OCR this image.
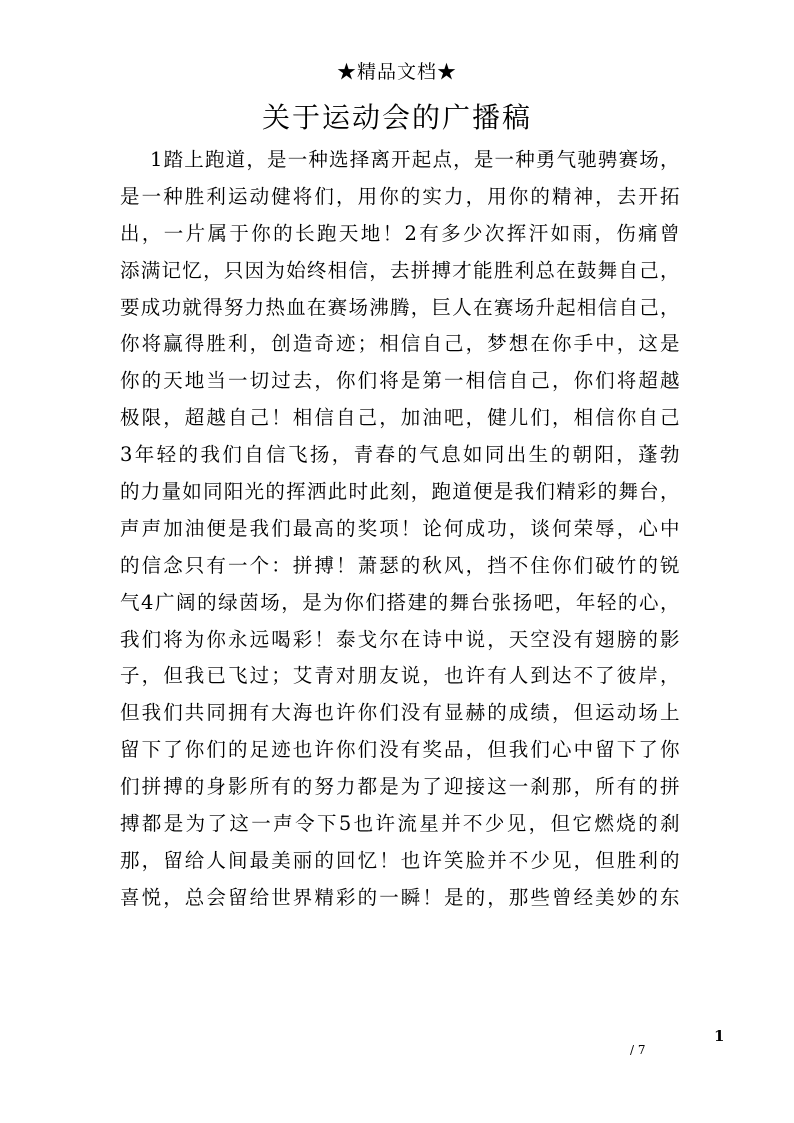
★精品文档★
关于运动会的广播稿
1踏上跑道，是一种选择离开起点，是一种勇气驰骋赛场，
是一种胜利运动健将们，用你的实力，用你的精神，去开拓
出，一片属于你的长跑天地！2有多少次挥汗如雨，伤痛曾
添满记忆，只因为始终相信，去拼搏才能胜利总在鼓舞自己，
要成功就得努力热血在赛场沸腾，巨人在赛场升起相信自己，
你将赢得胜利，创造奇迹；相信自己，梦想在你手中，这是
你的天地当一切过去，你们将是第一相信自己，你们将超越
极限，超越自己！相信自己，加油吧，健儿们，相信你自己
3年轻的我们自信飞扬，青春的气息如同出生的朝阳，蓬勃
的力量如同阳光的挥洒此时此刻，跑道便是我们精彩的舞台，
声声加油便是我们最高的奖项！论何成功，谈何荣辱，心中
的信念只有一个：拼搏！萧瑟的秋风，挡不住你们破竹的锐
气4广阔的绿茵场，是为你们搭建的舞台张扬吧，年轻的心，
我们将为你永远喝彩！泰戈尔在诗中说，天空没有翅膀的影
子，但我已飞过；艾青对朋友说，也许有人到达不了彼岸，
但我们共同拥有大海也许你们没有显赫的成绩，但运动场上
留下了你们的足迹也许你们没有奖品，但我们心中留下了你
们拼搏的身影所有的努力都是为了迎接这一刹那，所有的拼
搏都是为了这一声令下5也许流星并不少见，但它燃烧的刹
那，留给人间最美丽的回忆！也许笑脸并不少见，但胜利的
喜悦，总会留给世界精彩的一瞬！是的，那些曾经美妙的东
1
/ 7
